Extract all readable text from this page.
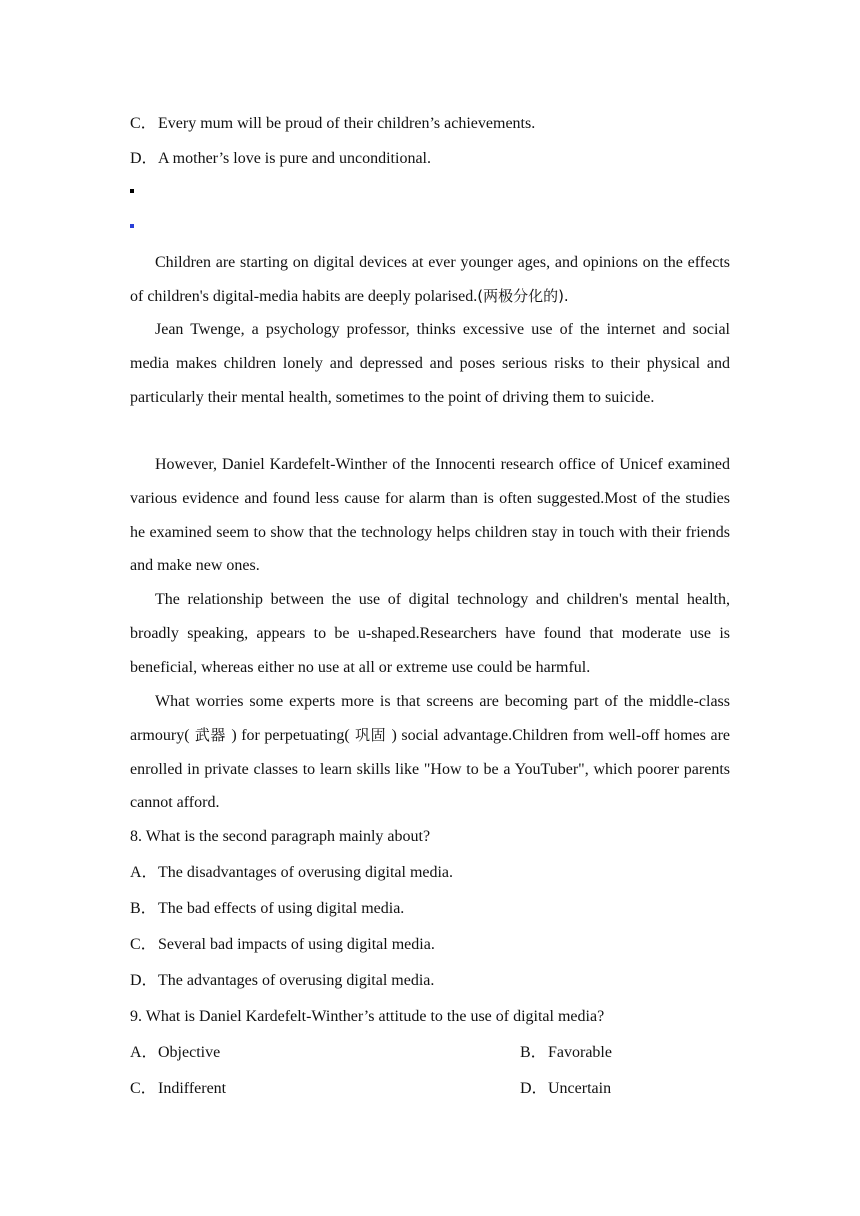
C．Every mum will be proud of their children’s achievements.
D．A mother’s love is pure and unconditional.

Children are starting on digital devices at ever younger ages, and opinions on the effects of children's digital-media habits are deeply polarised.(两极分化的).

Jean Twenge, a psychology professor, thinks excessive use of the internet and social media makes children lonely and depressed and poses serious risks to their physical and particularly their mental health, sometimes to the point of driving them to suicide.

However, Daniel Kardefelt-Winther of the Innocenti research office of Unicef examined various evidence and found less cause for alarm than is often suggested.Most of the studies he examined seem to show that the technology helps children stay in touch with their friends and make new ones.

The relationship between the use of digital technology and children's mental health, broadly speaking, appears to be u-shaped.Researchers have found that moderate use is beneficial, whereas either no use at all or extreme use could be harmful.

What worries some experts more is that screens are becoming part of the middle-class armoury( 武器 ) for perpetuating( 巩固 ) social advantage.Children from well-off homes are enrolled in private classes to learn skills like "How to be a YouTuber", which poorer parents cannot afford.

8. What is the second paragraph mainly about?
A．The disadvantages of overusing digital media.
B．The bad effects of using digital media.
C．Several bad impacts of using digital media.
D．The advantages of overusing digital media.
9. What is Daniel Kardefelt-Winther’s attitude to the use of digital media?
A．Objective	B．Favorable
C．Indifferent	D．Uncertain
